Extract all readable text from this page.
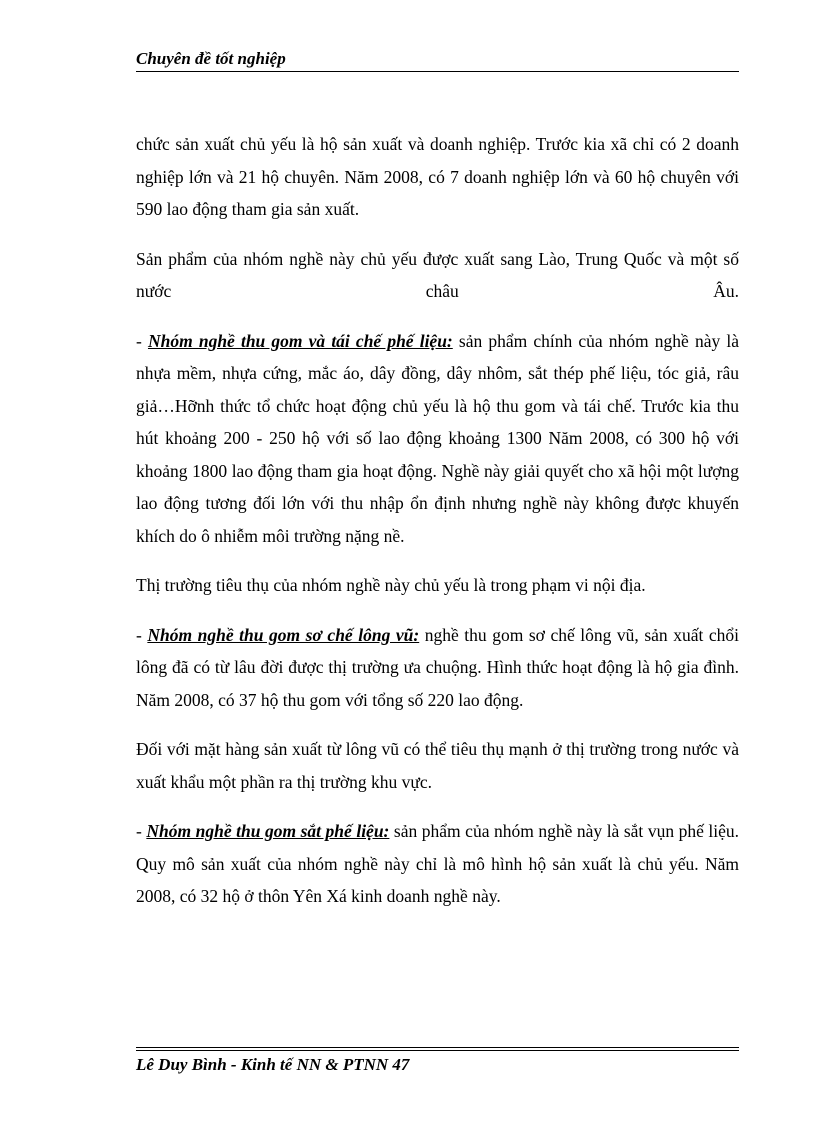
Chuyên đề tốt nghiệp

chức sản xuất chủ yếu là hộ sản xuất và doanh nghiệp. Trước kia xã chỉ có 2 doanh nghiệp lớn và 21 hộ chuyên. Năm 2008, có 7 doanh nghiệp lớn và 60 hộ chuyên với 590 lao động tham gia sản xuất.

Sản phẩm của nhóm nghề này chủ yếu được xuất sang Lào, Trung Quốc và một số nước châu Âu.

- Nhóm nghề thu gom và tái chế phế liệu: sản phẩm chính của nhóm nghề này là nhựa mềm, nhựa cứng, mắc áo, dây đồng, dây nhôm, sắt thép phế liệu, tóc giả, râu giả…Hỡnh thức tổ chức hoạt động chủ yếu là hộ thu gom và tái chế. Trước kia thu hút khoảng 200 - 250 hộ với số lao động khoảng 1300 Năm 2008, có 300 hộ với khoảng 1800 lao động tham gia hoạt động. Nghề này giải quyết cho xã hội một lượng lao động tương đối lớn với thu nhập ổn định nhưng nghề này không được khuyến khích do ô nhiễm môi trường nặng nề.

Thị trường tiêu thụ của nhóm nghề này chủ yếu là trong phạm vi nội địa.

- Nhóm nghề thu gom sơ chế lông vũ: nghề thu gom sơ chế lông vũ, sản xuất chổi lông đã có từ lâu đời được thị trường ưa chuộng. Hình thức hoạt động là hộ gia đình. Năm 2008, có 37 hộ thu gom với tổng số 220 lao động.

Đối với mặt hàng sản xuất từ lông vũ có thể tiêu thụ mạnh ở thị trường trong nước và xuất khẩu một phần ra thị trường khu vực.

- Nhóm nghề thu gom sắt phế liệu: sản phẩm của nhóm nghề này là sắt vụn phế liệu. Quy mô sản xuất của nhóm nghề này chỉ là mô hình hộ sản xuất là chủ yếu. Năm 2008, có 32 hộ ở thôn Yên Xá kinh doanh nghề này.

Lê Duy Bình - Kinh tế NN & PTNN 47
